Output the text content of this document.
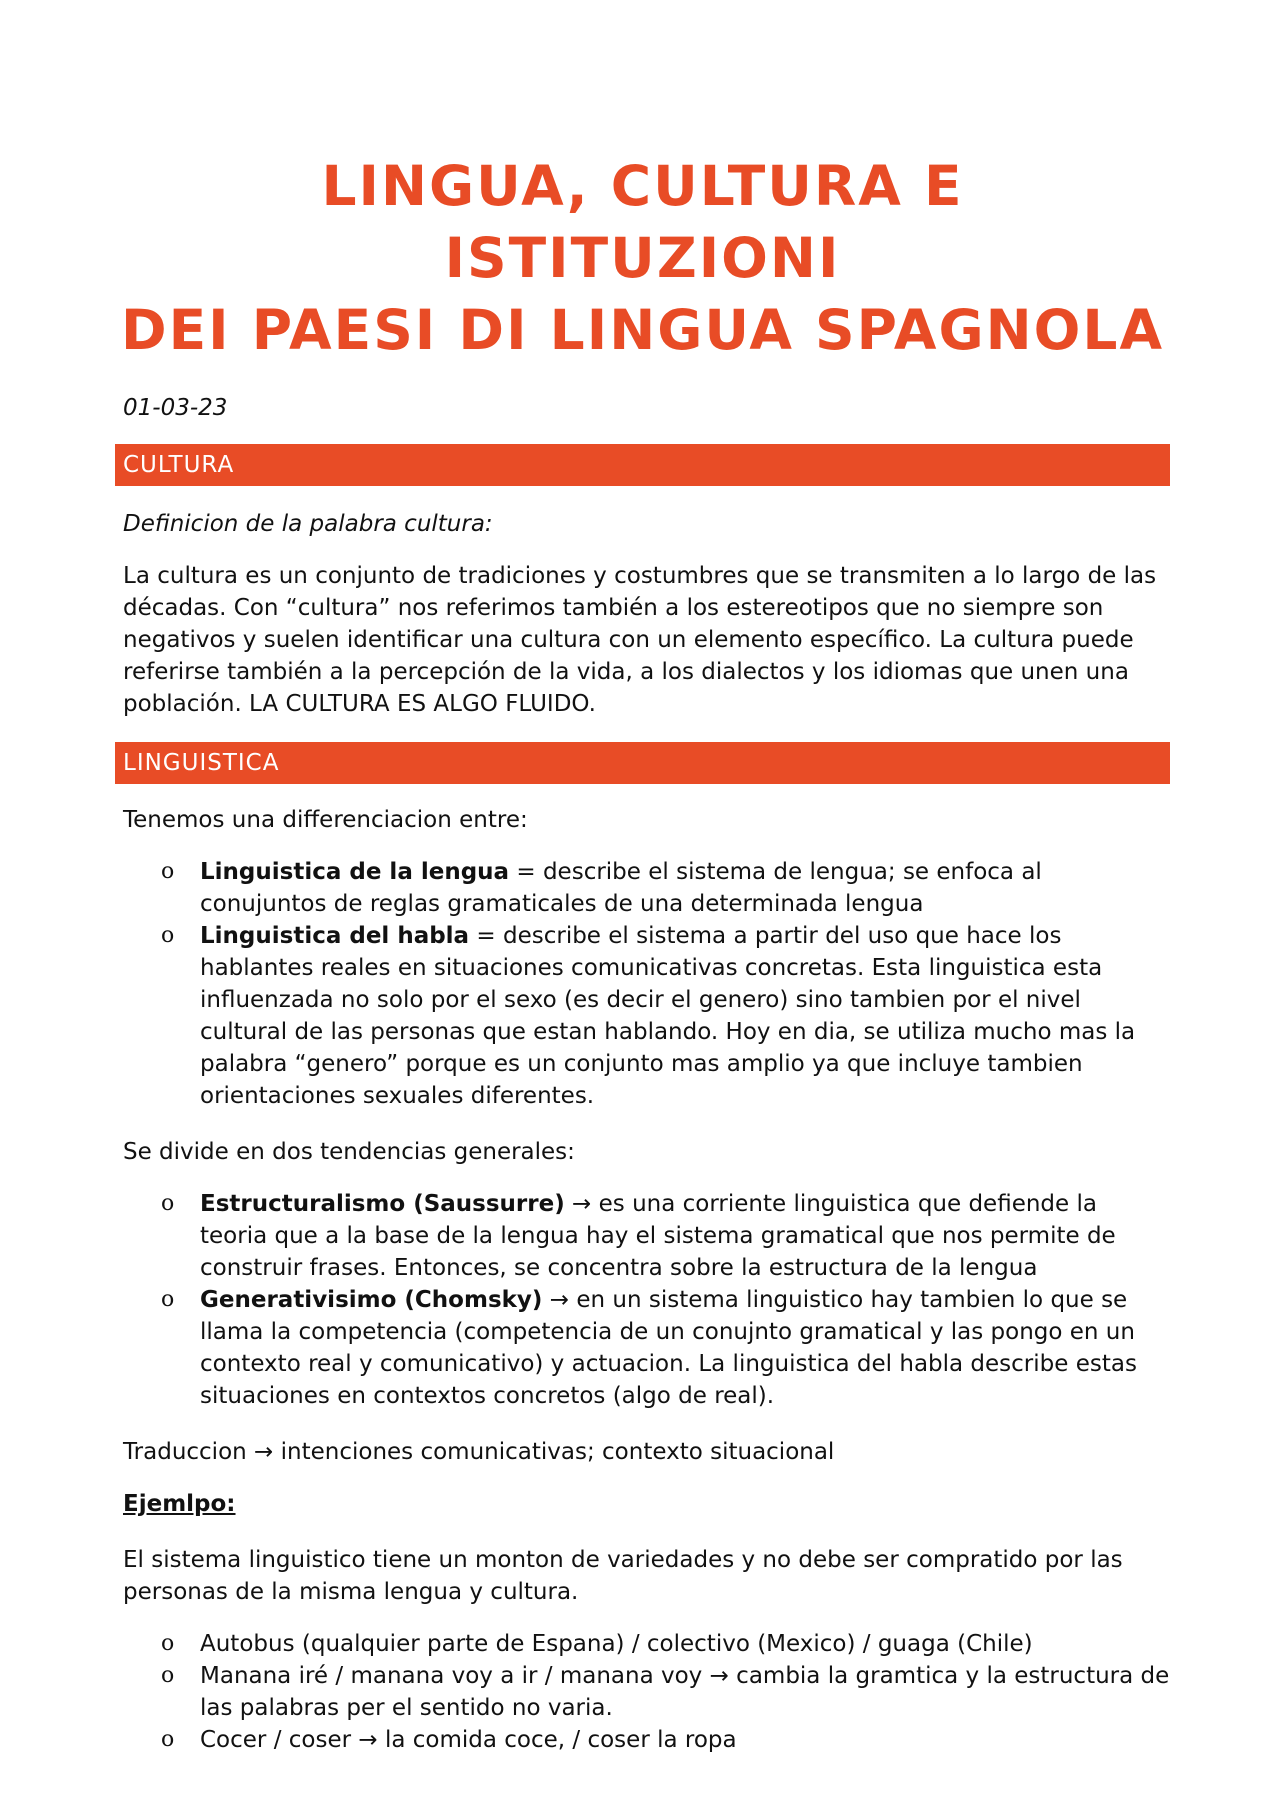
LINGUA, CULTURA E ISTITUZIONI
DEI PAESI DI LINGUA SPAGNOLA
01-03-23
CULTURA

Definicion de la palabra cultura:

La cultura es un conjunto de tradiciones y costumbres que se transmiten a lo largo de las décadas. Con “cultura” nos referimos también a los estereotipos que no siempre son negativos y suelen identificar una cultura con un elemento específico. La cultura puede referirse también a la percepción de la vida, a los dialectos y los idiomas que unen una población. LA CULTURA ES ALGO FLUIDO.

LINGUISTICA

Tenemos una differenciacion entre:

o Linguistica de la lengua = describe el sistema de lengua; se enfoca al conujuntos de reglas gramaticales de una determinada lengua
o Linguistica del habla = describe el sistema a partir del uso que hace los hablantes reales en situaciones comunicativas concretas. Esta linguistica esta influenzada no solo por el sexo (es decir el genero) sino tambien por el nivel cultural de las personas que estan hablando. Hoy en dia, se utiliza mucho mas la palabra “genero” porque es un conjunto mas amplio ya que incluye tambien orientaciones sexuales diferentes.

Se divide en dos tendencias generales:

o Estructuralismo (Saussurre) → es una corriente linguistica que defiende la teoria que a la base de la lengua hay el sistema gramatical que nos permite de construir frases. Entonces, se concentra sobre la estructura de la lengua
o Generativisimo (Chomsky) → en un sistema linguistico hay tambien lo que se llama la competencia (competencia de un conujnto gramatical y las pongo en un contexto real y comunicativo) y actuacion. La linguistica del habla describe estas situaciones en contextos concretos (algo de real).

Traduccion → intenciones comunicativas; contexto situacional

Ejemlpo:

El sistema linguistico tiene un monton de variedades y no debe ser compratido por las personas de la misma lengua y cultura.

o Autobus (qualquier parte de Espana) / colectivo (Mexico) / guaga (Chile)
o Manana iré / manana voy a ir / manana voy → cambia la gramtica y la estructura de las palabras per el sentido no varia.
o Cocer / coser → la comida coce, / coser la ropa
